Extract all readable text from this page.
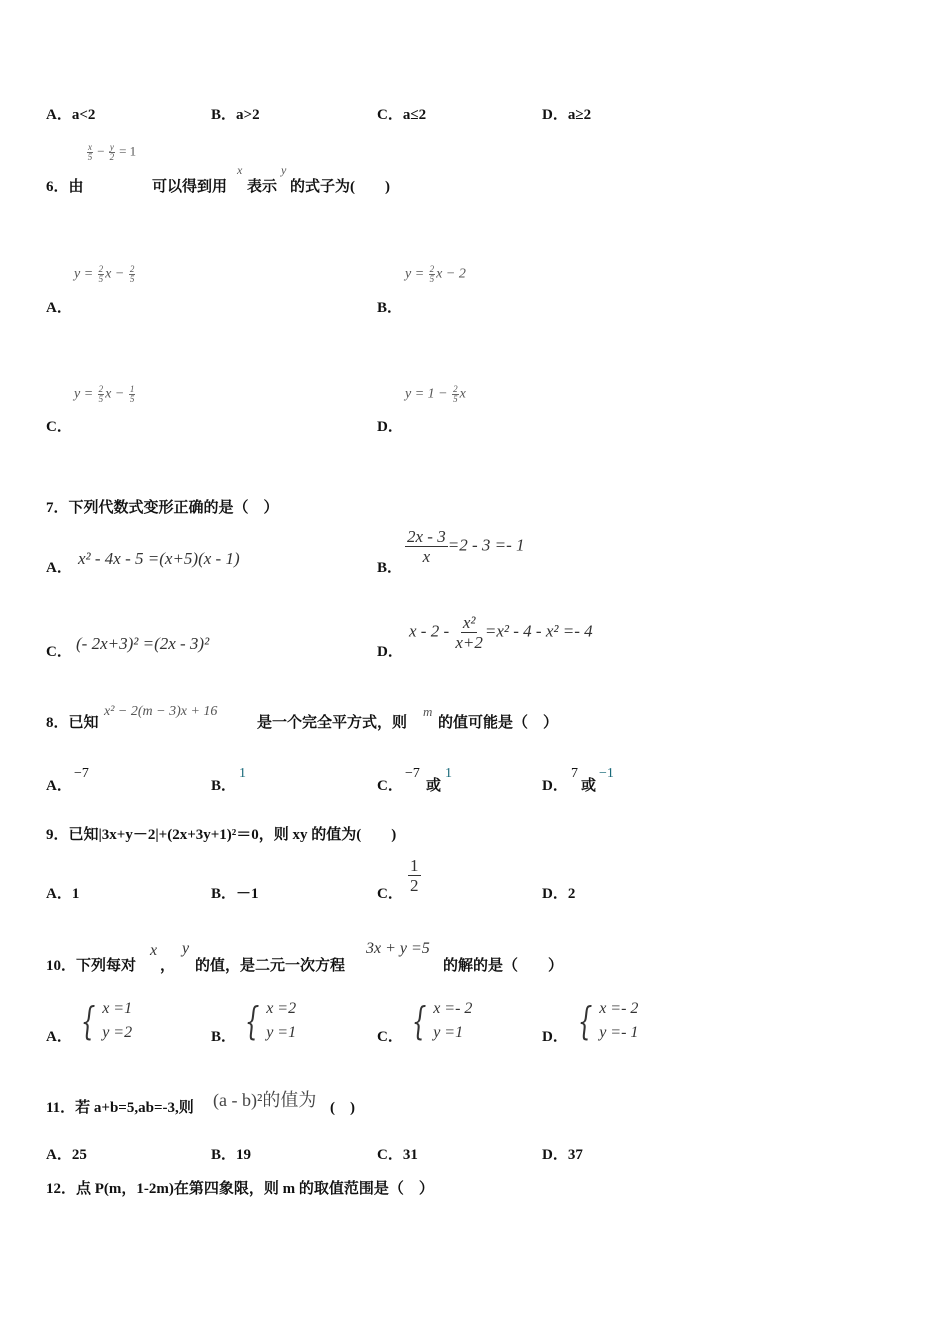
A．a<2	B．a>2	C．a≤2	D．a≥2
6．由
$\frac{x}{5} - \frac{y}{2} = 1$
可以得到用
x
表示
y
的式子为(　　)
$y = \frac{2}{5}$ $x - \frac{2}{5}$
A．
$y = \frac{2}{5}$ x − 2
B．
$y = \frac{2}{5}$ $x - \frac{1}{5}$
C．
$y = 1 - \frac{2}{5}$ x
D．
7．下列代数式变形正确的是（　）
A． x² - 4x - 5 =(x+5)(x - 1)	B．
$\frac{2x - 3}{x} =2 - 3 =- 1$
C． (- 2x+3)² =(2x - 3)²	D．
$x - 2 - \frac{\text{x²}}{x+2} =x^2 - 4 - x^2 =- 4$
8．已知
x² − 2(m − 3)x + 16
是一个完全平方式，则
m
的值可能是（　）
A．
−7
B．
1
C．
−7
或
1
D．
7
或
−1
9．已知|3x+y－2|+(2x+3y+1)²＝0，则 xy 的值为(　　)
A．1	B．－1	C． $\frac{1}{2}$	D．2
10．下列每对
x
，
y
的值，是二元一次方程
3x + y =5
的解的是（　　）
A． { x =1
y =2	B． { x =2
y =1	C． { x =- 2
y =1	D． { x =- 2
y =- 1
11．若 a+b=5,ab=-3,则 (a - b)²的值为 (　)
A．25	B．19	C．31	D．37
12．点 P(m，1-2m)在第四象限，则 m 的取值范围是（　）
